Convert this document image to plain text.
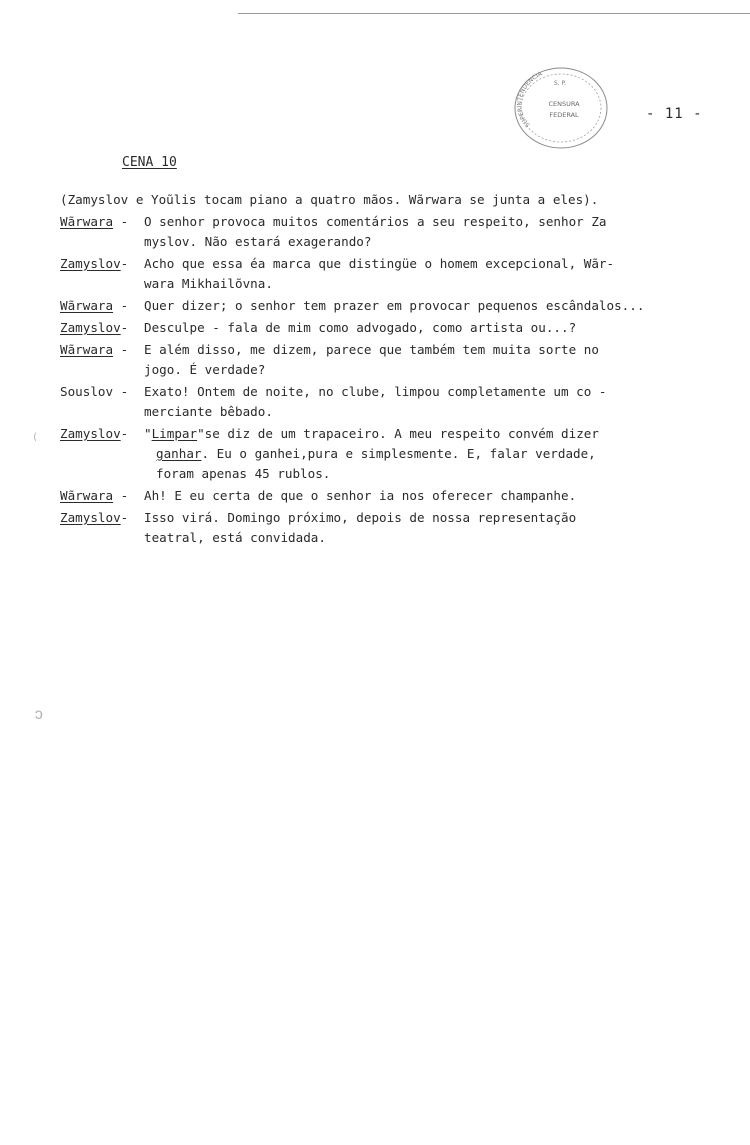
SUPERINTENDENCIA
S. P.
CENSURA
FEDERAL	- 11 -
CENA 10
(
ↄ
(Zamyslov e Yoũlis tocam piano a quatro mãos. Wãrwara se junta a eles).
Wãrwara - O senhor provoca muitos comentários a seu respeito, senhor Za

myslov. Não estará exagerando?

Zamyslov- Acho que essa éa marca que distingüe o homem excepcional, Wãr-

wara Mikhailõvna.

Wãrwara - Quer dizer; o senhor tem prazer em provocar pequenos escândalos...

Zamyslov- Desculpe - fala de mim como advogado, como artista ou...?

Wãrwara - E além disso, me dizem, parece que também tem muita sorte no

jogo. É verdade?

Souslov - Exato! Ontem de noite, no clube, limpou completamente um co -

merciante bêbado.

Zamyslov- "Limpar"se diz de um trapaceiro. A meu respeito convém dizer

ganhar. Eu o ganhei,pura e simplesmente. E, falar verdade,

foram apenas 45 rublos.

Wãrwara - Ah! E eu certa de que o senhor ia nos oferecer champanhe.

Zamyslov- Isso virá. Domingo próximo, depois de nossa representação

teatral, está convidada.
